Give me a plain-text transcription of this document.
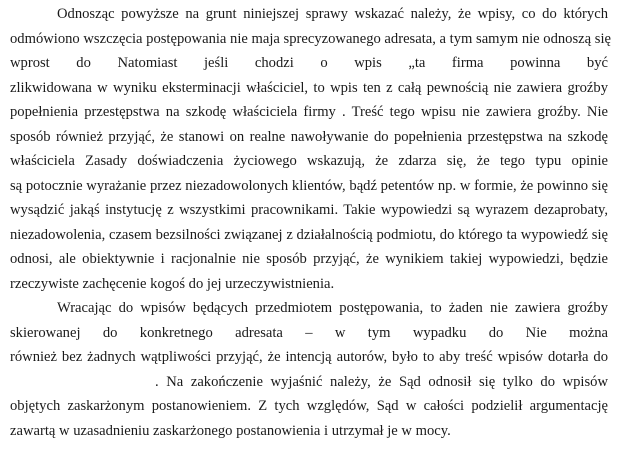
Odnosząc powyższe na grunt niniejszej sprawy wskazać należy, że wpisy, co do których
odmówiono wszczęcia postępowania nie maja sprecyzowanego adresata, a tym samym nie odnoszą się
wprost do Natomiast jeśli chodzi o wpis „ta firma powinna być
zlikwidowana w wyniku eksterminacji właściciel, to wpis ten z całą pewnością nie zawiera groźby
popełnienia przestępstwa na szkodę właściciela firmy . Treść tego wpisu nie zawiera groźby. Nie
sposób również przyjąć, że stanowi on realne nawoływanie do popełnienia przestępstwa na szkodę
właściciela Zasady doświadczenia życiowego wskazują, że zdarza się, że tego typu opinie
są potocznie wyrażanie przez niezadowolonych klientów, bądź petentów np. w formie, że powinno się
wysądzić jakąś instytucję z wszystkimi pracownikami. Takie wypowiedzi są wyrazem dezaprobaty,
niezadowolenia, czasem bezsilności związanej z działalnością podmiotu, do którego ta wypowiedź się
odnosi, ale obiektywnie i racjonalnie nie sposób przyjąć, że wynikiem takiej wypowiedzi, będzie
rzeczywiste zachęcenie kogoś do jej urzeczywistnienia.
Wracając do wpisów będących przedmiotem postępowania, to żaden nie zawiera groźby
skierowanej do konkretnego adresata – w tym wypadku do Nie można
również bez żadnych wątpliwości przyjąć, że intencją autorów, było to aby treść wpisów dotarła do
. Na zakończenie wyjaśnić należy, że Sąd odnosił się tylko do wpisów
objętych zaskarżonym postanowieniem. Z tych względów, Sąd w całości podzielił argumentację
zawartą w uzasadnieniu zaskarżonego postanowienia i utrzymał je w mocy.
